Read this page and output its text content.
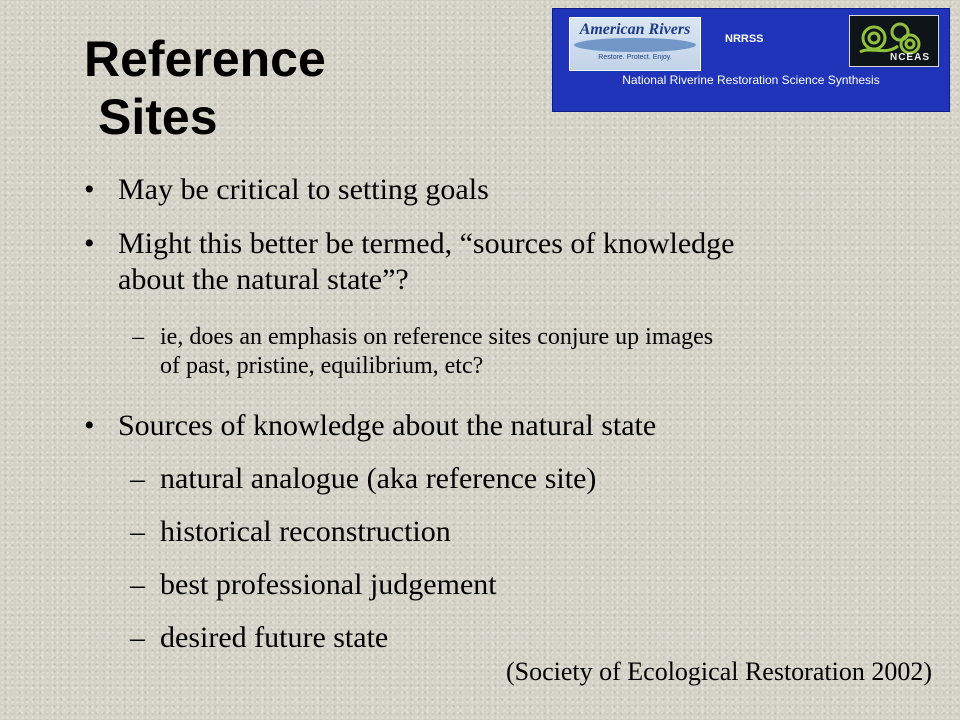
Reference
Sites
American Rivers
Restore. Protect. Enjoy.
NRRSS
NCEAS
National Riverine Restoration Science Synthesis
• May be critical to setting goals
• Might this better be termed, “sources of knowledge
about the natural state”?
– ie, does an emphasis on reference sites conjure up images
of past, pristine, equilibrium, etc?
• Sources of knowledge about the natural state
– natural analogue (aka reference site)
– historical reconstruction
– best professional judgement
– desired future state
(Society of Ecological Restoration 2002)
